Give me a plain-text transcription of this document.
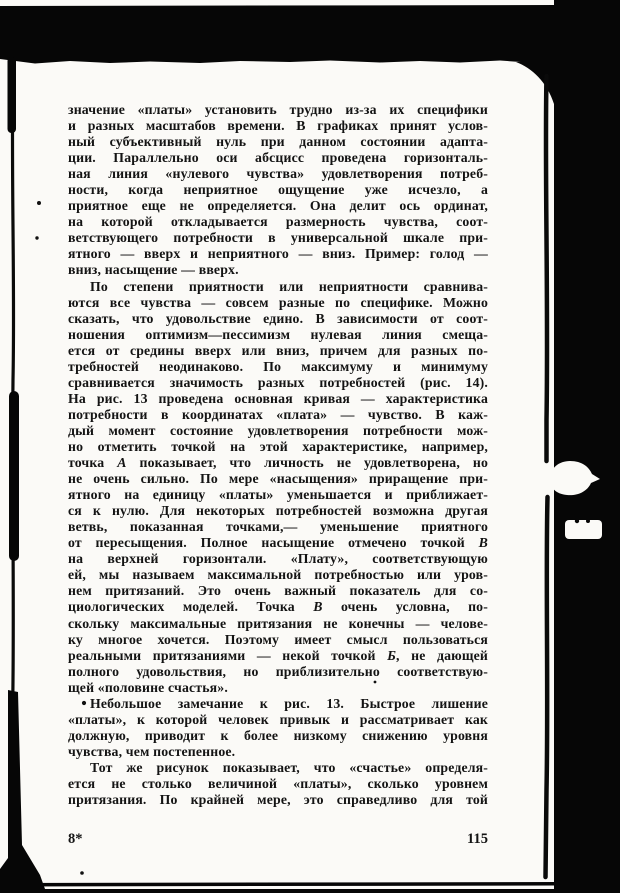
значение «платы» установить трудно из-за их специфики
и разных масштабов времени. В графиках принят услов-
ный субъективный нуль при данном состоянии адапта-
ции. Параллельно оси абсцисс проведена горизонталь-
ная линия «нулевого чувства» удовлетворения потреб-
ности, когда неприятное ощущение уже исчезло, а
приятное еще не определяется. Она делит ось ординат,
на которой откладывается размерность чувства, соот-
ветствующего потребности в универсальной шкале при-
ятного — вверх и неприятного — вниз. Пример: голод —
вниз, насыщение — вверх.
По степени приятности или неприятности сравнива-
ются все чувства — совсем разные по специфике. Можно
сказать, что удовольствие едино. В зависимости от соот-
ношения оптимизм—пессимизм нулевая линия смеща-
ется от средины вверх или вниз, причем для разных по-
требностей неодинаково. По максимуму и минимуму
сравнивается значимость разных потребностей (рис. 14).
На рис. 13 проведена основная кривая — характеристика
потребности в координатах «плата» — чувство. В каж-
дый момент состояние удовлетворения потребности мож-
но отметить точкой на этой характеристике, например,
точка А показывает, что личность не удовлетворена, но
не очень сильно. По мере «насыщения» приращение при-
ятного на единицу «платы» уменьшается и приближает-
ся к нулю. Для некоторых потребностей возможна другая
ветвь, показанная точками,— уменьшение приятного
от пересыщения. Полное насыщение отмечено точкой В
на верхней горизонтали. «Плату», соответствующую
ей, мы называем максимальной потребностью или уров-
нем притязаний. Это очень важный показатель для со-
циологических моделей. Точка В очень условна, по-
скольку максимальные притязания не конечны — челове-
ку многое хочется. Поэтому имеет смысл пользоваться
реальными притязаниями — некой точкой Б, не дающей
полного удовольствия, но приблизительно соответствую-
щей «половине счастья».
Небольшое замечание к рис. 13. Быстрое лишение
«платы», к которой человек привык и рассматривает как
должную, приводит к более низкому снижению уровня
чувства, чем постепенное.
Тот же рисунок показывает, что «счастье» определя-
ется не столько величиной «платы», сколько уровнем
притязания. По крайней мере, это справедливо для той
8*	115
